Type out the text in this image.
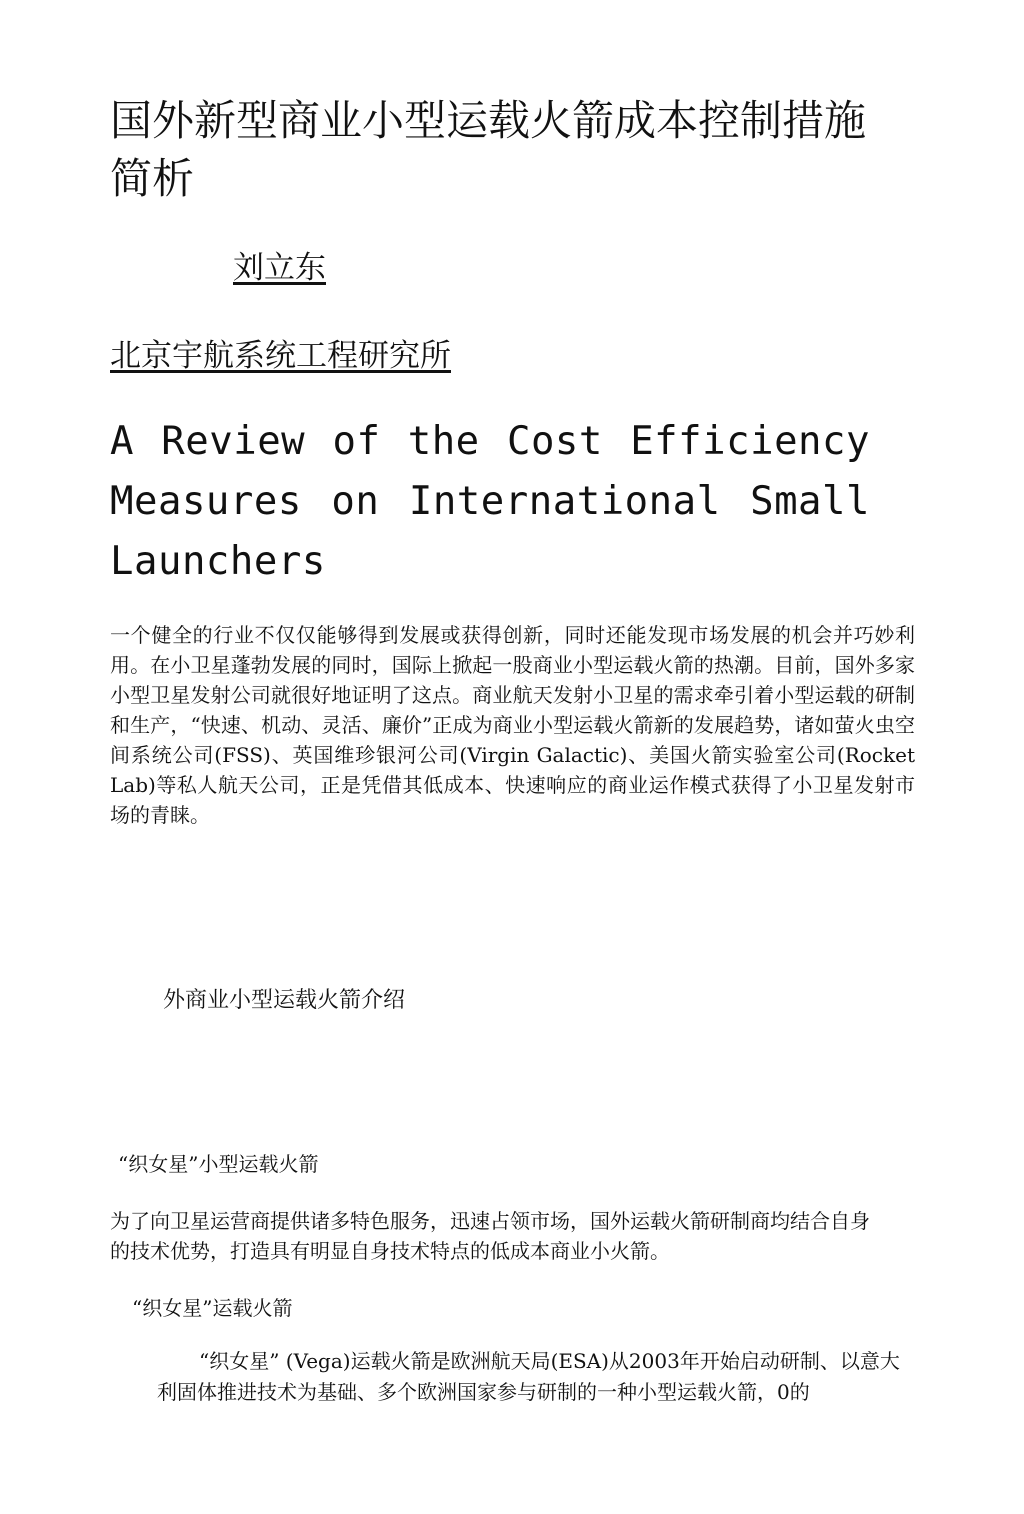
国外新型商业小型运载火箭成本控制措施简析
刘立东
北京宇航系统工程研究所
A Review of the Cost Efficiency Measures on International Small Launchers

一个健全的行业不仅仅能够得到发展或获得创新，同时还能发现市场发展的机会并巧妙利用。在小卫星蓬勃发展的同时，国际上掀起一股商业小型运载火箭的热潮。目前，国外多家小型卫星发射公司就很好地证明了这点。商业航天发射小卫星的需求牵引着小型运载的研制和生产，“快速、机动、灵活、廉价”正成为商业小型运载火箭新的发展趋势，诸如萤火虫空间系统公司(FSS)、英国维珍银河公司(Virgin Galactic)、美国火箭实验室公司(Rocket Lab)等私人航天公司，正是凭借其低成本、快速响应的商业运作模式获得了小卫星发射市场的青睐。

外商业小型运载火箭介绍
“织女星”小型运载火箭

为了向卫星运营商提供诸多特色服务，迅速占领市场，国外运载火箭研制商均结合自身的技术优势，打造具有明显自身技术特点的低成本商业小火箭。

“织女星”运载火箭

“织女星” (Vega)运载火箭是欧洲航天局(ESA)从2003年开始启动研制、以意大利固体推进技术为基础、多个欧洲国家参与研制的一种小型运载火箭，0的
